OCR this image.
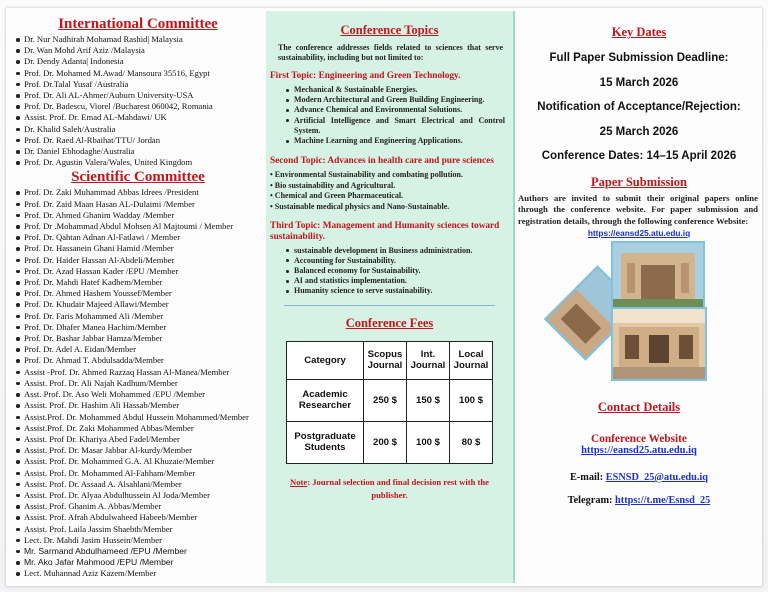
International Committee
Dr. Nur Nadhirah Mohamad Rashid| Malaysia
Dr. Wan Mohd Arif Aziz /Malaysia
Dr. Dendy Adanta| Indonesia
Prof. Dr. Mohamed M.Awad/ Mansoura 35516, Egypt
Prof. Dr.Talal Yusaf /Australia
Prof. Dr. Ali AL-Ahmer/Auburn University-USA
Prof. Dr. Badescu, Viorel /Bucharest 060042, Romania
Assist. Prof. Dr. Emad AL-Mahdawi/ UK
Dr. Khalid Saleh/Australia
Prof. Dr. Raed Al-Rbaihat/TTU/ Jordan
Dr. Daniel Ebhodaghe/Australia
Prof. Dr. Agustin Valera/Wales, United Kingdom
Scientific Committee
Prof. Dr. Zaki Muhammad Abbas Idrees /President
Prof. Dr. Zaid Maan Hasan AL-Dulaimi /Member
Prof. Dr. Ahmed Ghanim Wadday /Member
Prof. Dr .Mohammad Abdul Mohsen Al Majtoumi / Member
Prof. Dr. Qahtan Adnan Al-Fatlawi / Member
Prof. Dr. Hassanein Ghani Hamid /Member
Prof. Dr. Haider Hassan Al-Abdeli/Member
Prof. Dr. Azad Hassan Kader /EPU /Member
Prof. Dr. Mahdi Hatef Kadhem/Member
Prof. Dr. Ahmed Hashem Youssef/Member
Prof. Dr. Khudair Majeed Allawi/Member
Prof. Dr. Faris Mohammed Ali /Member
Prof. Dr. Dhafer Manea Hachim/Member
Prof. Dr. Bashar Jabbar Hamza/Member
Prof. Dr. Adel A. Eidan/Member
Prof. Dr. Ahmad T. Abdulsadda/Member
Assist -Prof. Dr. Ahmed Razzaq Hassan Al-Manea/Member
Assist. Prof. Dr. Ali Najah Kadhum/Member
Asst. Prof. Dr. Aso Weli Mohammed /EPU /Member
Assist. Prof. Dr. Hashim Ali Hassab/Member
Assist.Prof. Dr. Mohammed Abdul Hussein Mohammed/Member
Assist.Prof. Dr. Zaki Mohammed Abbas/Member
Assist. Prof Dr. Khariya Abed Fadel/Member
Assist. Prof. Dr. Masar Jabbar Al-kurdy/Member
Assist. Prof. Dr. Mohammed G.A. Al Khuzaie/Member
Assist. Prof. Dr. Mohammed Al-Fahham/Member
Assist. Prof. Dr. Assaad A. Alsahlani/Member
Assist. Prof. Dr. Alyaa Abdulhussein Al Joda/Member
Assist. Prof. Ghanim A. Abbas/Member
Assist. Prof. Afrah Abdulwaheed Habeeb/Member
Assist. Prof. Laila Jassim Shaebth/Member
Lect. Dr. Mahdi Jasim Hussein/Member
Mr. Sarmand Abdulhameed /EPU /Member
Mr. Ako Jafar Mahmood /EPU /Member
Lect. Muhannad Aziz Kazem/Member
Conference Topics
The conference addresses fields related to sciences that serve sustainability, including but not limited to:
First Topic: Engineering and Green Technology.
Mechanical & Sustainable Energies.
Modern Architectural and Green Building Engineering.
Advance Chemical and Environmental Solutions.
Artificial Intelligence and Smart Electrical and Control System.
Machine Learning and Engineering Applications.
Second Topic: Advances in health care and pure sciences
• Environmental Sustainability and combating pollution.
• Bio sustainability and Agricultural.
• Chemical and Green Pharmaceutical.
• Sustainable medical physics and Nano-Sustainable.
Third Topic: Management and Humanity sciences toward sustainability.
sustainable development in Business administration.
Accounting for Sustainability.
Balanced economy for Sustainability.
AI and statistics implementation.
Humanity science to serve sustainability.
Conference Fees
Category	Scopus Journal	Int. Journal	Local Journal
Academic Researcher	250 $	150 $	100 $
Postgraduate Students	200 $	100 $	80 $
Note: Journal selection and final decision rest with the publisher.
Key Dates
Full Paper Submission Deadline:
15 March 2026
Notification of Acceptance/Rejection:
25 March 2026
Conference Dates: 14–15 April 2026
Paper Submission
Authors are invited to submit their original papers online through the conference website. For paper submission and registration details, through the following conference Website:
https://eansd25.atu.edu.iq
Contact Details
Conference Website
https://eansd25.atu.edu.iq
E-mail: ESNSD_25@atu.edu.iq
Telegram: https://t.me/Esnsd_25
